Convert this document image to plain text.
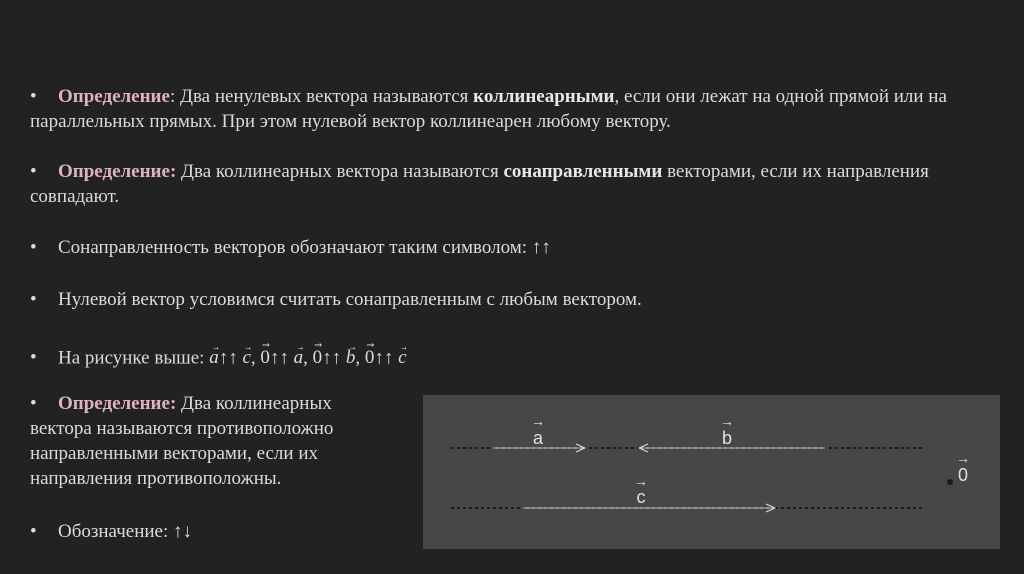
• Определение: Два ненулевых вектора называются коллинеарными, если они лежат на одной прямой или на параллельных прямых. При этом нулевой вектор коллинеарен любому вектору.
• Определение: Два коллинеарных вектора называются сонаправленными векторами, если их направления совпадают.
• Сонаправленность векторов обозначают таким символом: ↑↑
• Нулевой вектор условимся считать сонаправленным с любым вектором.
• На рисунке выше: a↑↑ c, 0↑↑ a, 0↑↑ b, 0↑↑ c
• Определение: Два коллинеарных вектора называются противоположно направленными векторами, если их направления противоположны.
• Обозначение: ↑↓
→
a
→
b
→
c
→
0
